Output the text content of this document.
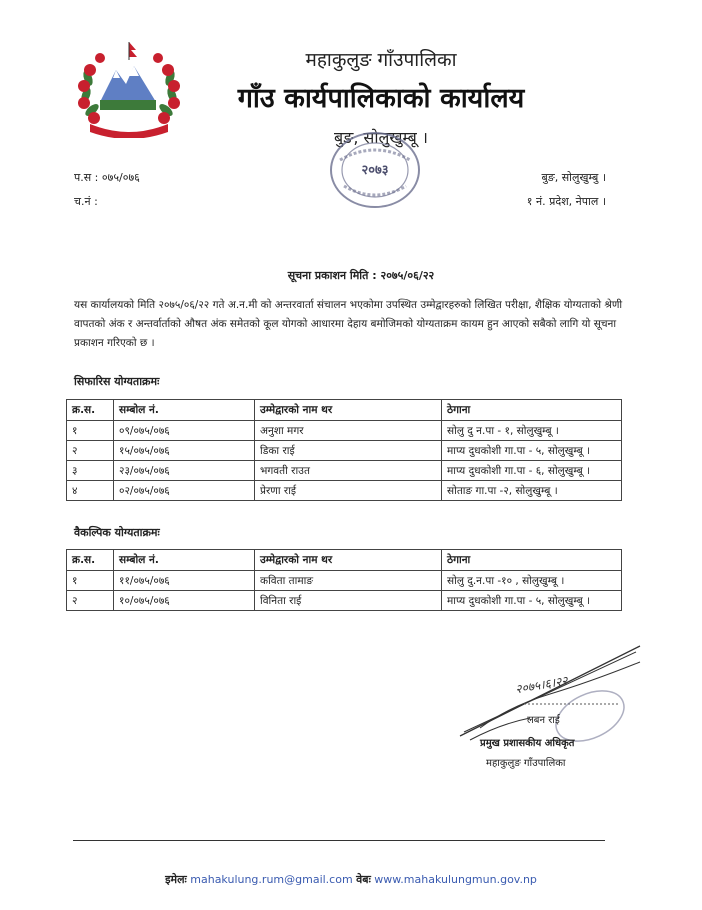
महाकुलुङ गाँउपालिका
गाँउ कार्यपालिकाको कार्यालय
बुङ, सोलुखुम्बू ।
२०७३
प.स : ०७५/०७६
च.नं :
बुङ, सोलुखुम्बु ।
१ नं. प्रदेश, नेपाल ।
सूचना प्रकाशन मिति : २०७५/०६/२२
यस कार्यालयको मिति २०७५/०६/२२ गते अ.न.मी को अन्तरवार्ता संचालन भएकोमा उपस्थित उम्मेद्वारहरुको लिखित परीक्षा, शैक्षिक योग्यताको श्रेणी वापतको अंक र अन्तर्वार्ताको औषत अंक समेतको कूल योगको आधारमा देहाय बमोजिमको योग्यताक्रम कायम हुन आएको सबैको लागि यो सूचना प्रकाशन गरिएको छ ।
सिफारिस योग्यताक्रमः
क्र.स.	सम्बोल नं.	उम्मेद्वारको नाम थर	ठेगाना
१	०९/०७५/०७६	अनुशा मगर	सोलु दु न.पा - १, सोलुखुम्बू ।
२	१५/०७५/०७६	डिका राई	माप्य दुधकोशी गा.पा - ५, सोलुखुम्बू ।
३	२३/०७५/०७६	भगवती राउत	माप्य दुधकोशी गा.पा - ६, सोलुखुम्बू ।
४	०२/०७५/०७६	प्रेरणा राई	सोताङ गा.पा -२, सोलुखुम्बू ।
वैकल्पिक योग्यताक्रमः
क्र.स.	सम्बोल नं.	उम्मेद्वारको नाम थर	ठेगाना
१	११/०७५/०७६	कविता तामाङ	सोलु दु.न.पा -१० , सोलुखुम्बू ।
२	१०/०७५/०७६	विनिता राई	माप्य दुधकोशी गा.पा - ५, सोलुखुम्बू ।
२०७५।६।२२
लबन राई
प्रमुख प्रशासकीय अधिकृत
महाकुलुङ गाँउपालिका
इमेलः mahakulung.rum@gmail.com वेबः www.mahakulungmun.gov.np
